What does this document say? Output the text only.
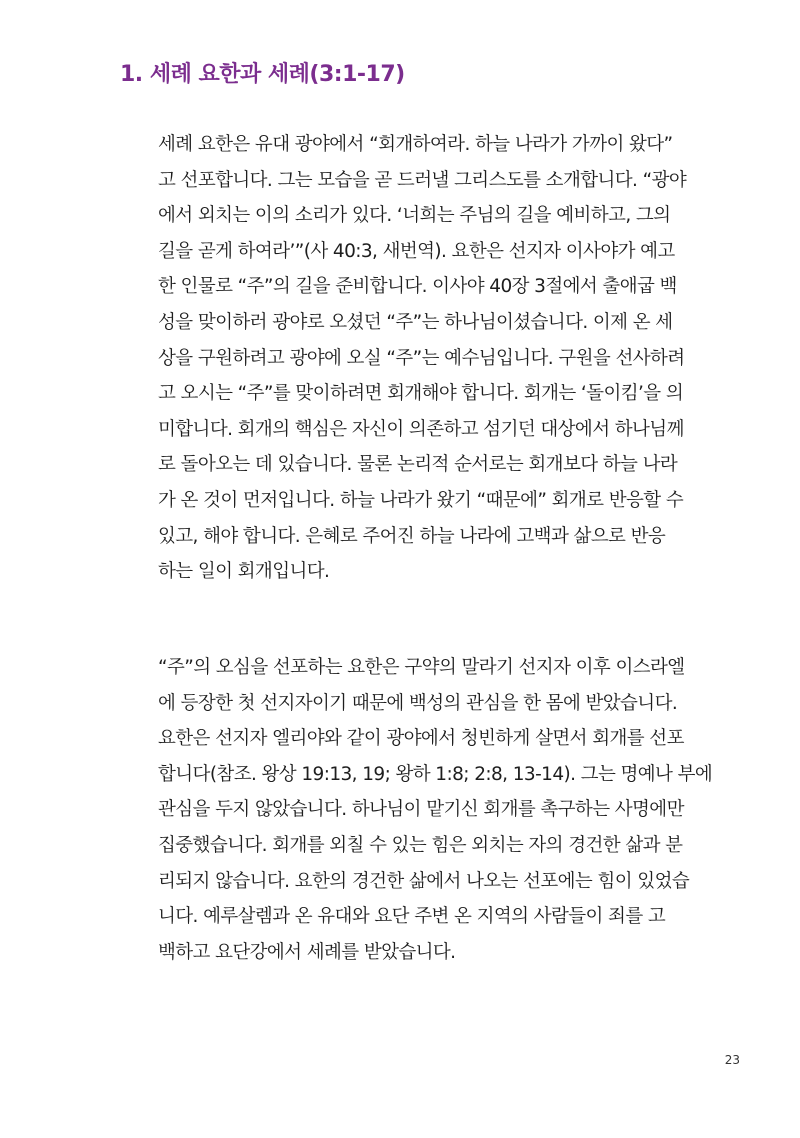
1. 세례 요한과 세례(3:1-17)

세례 요한은 유대 광야에서 “회개하여라. 하늘 나라가 가까이 왔다”
고 선포합니다. 그는 모습을 곧 드러낼 그리스도를 소개합니다. “광야
에서 외치는 이의 소리가 있다. ‘너희는 주님의 길을 예비하고, 그의
길을 곧게 하여라’”(사 40:3, 새번역). 요한은 선지자 이사야가 예고
한 인물로 “주”의 길을 준비합니다. 이사야 40장 3절에서 출애굽 백
성을 맞이하러 광야로 오셨던 “주”는 하나님이셨습니다. 이제 온 세
상을 구원하려고 광야에 오실 “주”는 예수님입니다. 구원을 선사하려
고 오시는 “주”를 맞이하려면 회개해야 합니다. 회개는 ‘돌이킴’을 의
미합니다. 회개의 핵심은 자신이 의존하고 섬기던 대상에서 하나님께
로 돌아오는 데 있습니다. 물론 논리적 순서로는 회개보다 하늘 나라
가 온 것이 먼저입니다. 하늘 나라가 왔기 “때문에” 회개로 반응할 수
있고, 해야 합니다. 은혜로 주어진 하늘 나라에 고백과 삶으로 반응
하는 일이 회개입니다.

“주”의 오심을 선포하는 요한은 구약의 말라기 선지자 이후 이스라엘
에 등장한 첫 선지자이기 때문에 백성의 관심을 한 몸에 받았습니다.
요한은 선지자 엘리야와 같이 광야에서 청빈하게 살면서 회개를 선포
합니다(참조. 왕상 19:13, 19; 왕하 1:8; 2:8, 13-14). 그는 명예나 부에
관심을 두지 않았습니다. 하나님이 맡기신 회개를 촉구하는 사명에만
집중했습니다. 회개를 외칠 수 있는 힘은 외치는 자의 경건한 삶과 분
리되지 않습니다. 요한의 경건한 삶에서 나오는 선포에는 힘이 있었습
니다. 예루살렘과 온 유대와 요단 주변 온 지역의 사람들이 죄를 고
백하고 요단강에서 세례를 받았습니다.

23
